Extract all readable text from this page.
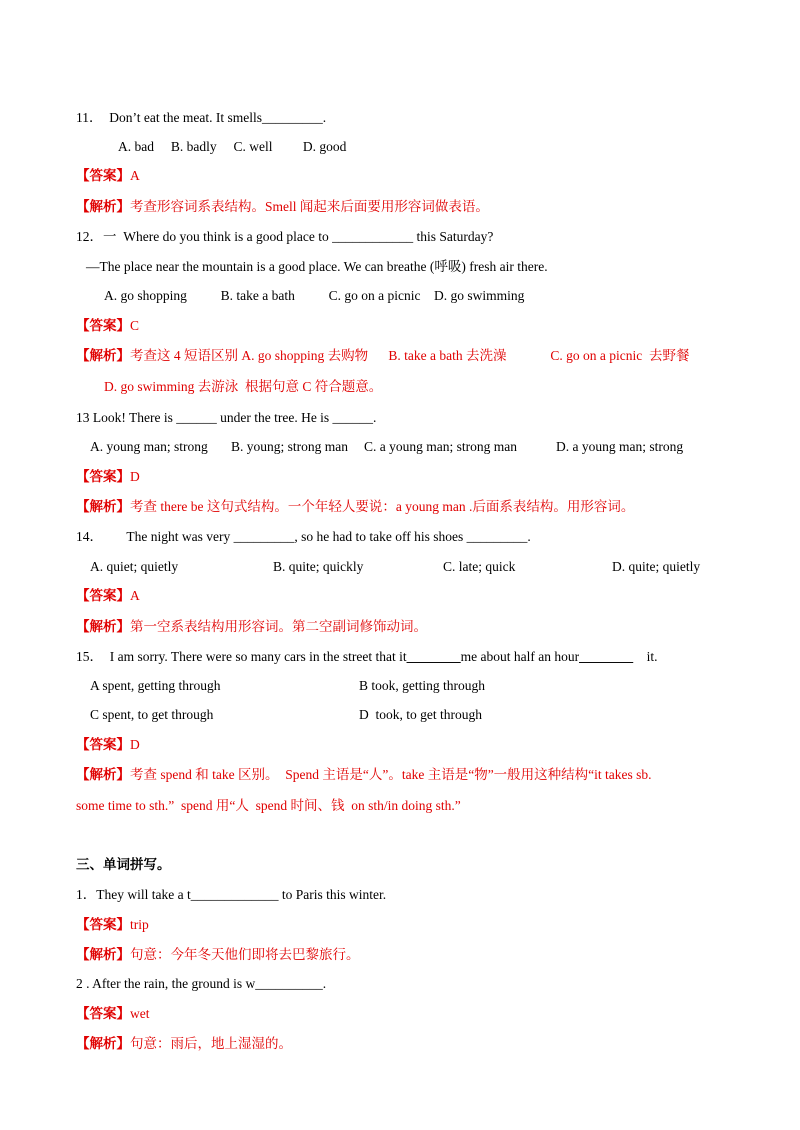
11．  Don’t eat the meat. It smells_________.
A. bad     B. badly     C. well         D. good
【答案】A
【解析】考查形容词系表结构。Smell 闻起来后面要用形容词做表语。
12．一  Where do you think is a good place to ____________ this Saturday?
—The place near the mountain is a good place. We can breathe (呼吸) fresh air there.
A. go shopping          B. take a bath          C. go on a picnic    D. go swimming
【答案】C
【解析】考查这 4 短语区别 A. go shopping 去购物      B. take a bath 去洗澡             C. go on a picnic  去野餐
D. go swimming 去游泳  根据句意 C 符合题意。
13 Look! There is ______ under the tree. He is ______.
A. young man; strong B. young; strong man C. a young man; strong man	D. a young man; strong
【答案】D
【解析】考查 there be 这句式结构。一个年轻人要说：a young man .后面系表结构。用形容词。
14．       The night was very _________, so he had to take off his shoes _________.
A. quiet; quietly	B. quite; quickly	C. late; quick	D. quite; quietly
【答案】A
【解析】第一空系表结构用形容词。第二空副词修饰动词。
15．  I am sorry. There were so many cars in the street that it________me about half an hour________    it.
A spent, getting through	B took, getting through
C spent, to get through	D  took, to get through
【答案】D
【解析】考查 spend 和 take 区别。  Spend 主语是“人”。take 主语是“物”一般用这种结构“it takes sb.
some time to sth.”  spend 用“人  spend 时间、钱  on sth/in doing sth.”
三、单词拼写。
1．They will take a t_____________ to Paris this winter.
【答案】trip
【解析】句意：今年冬天他们即将去巴黎旅行。
2 . After the rain, the ground is w__________.
【答案】wet
【解析】句意：雨后，地上湿湿的。
